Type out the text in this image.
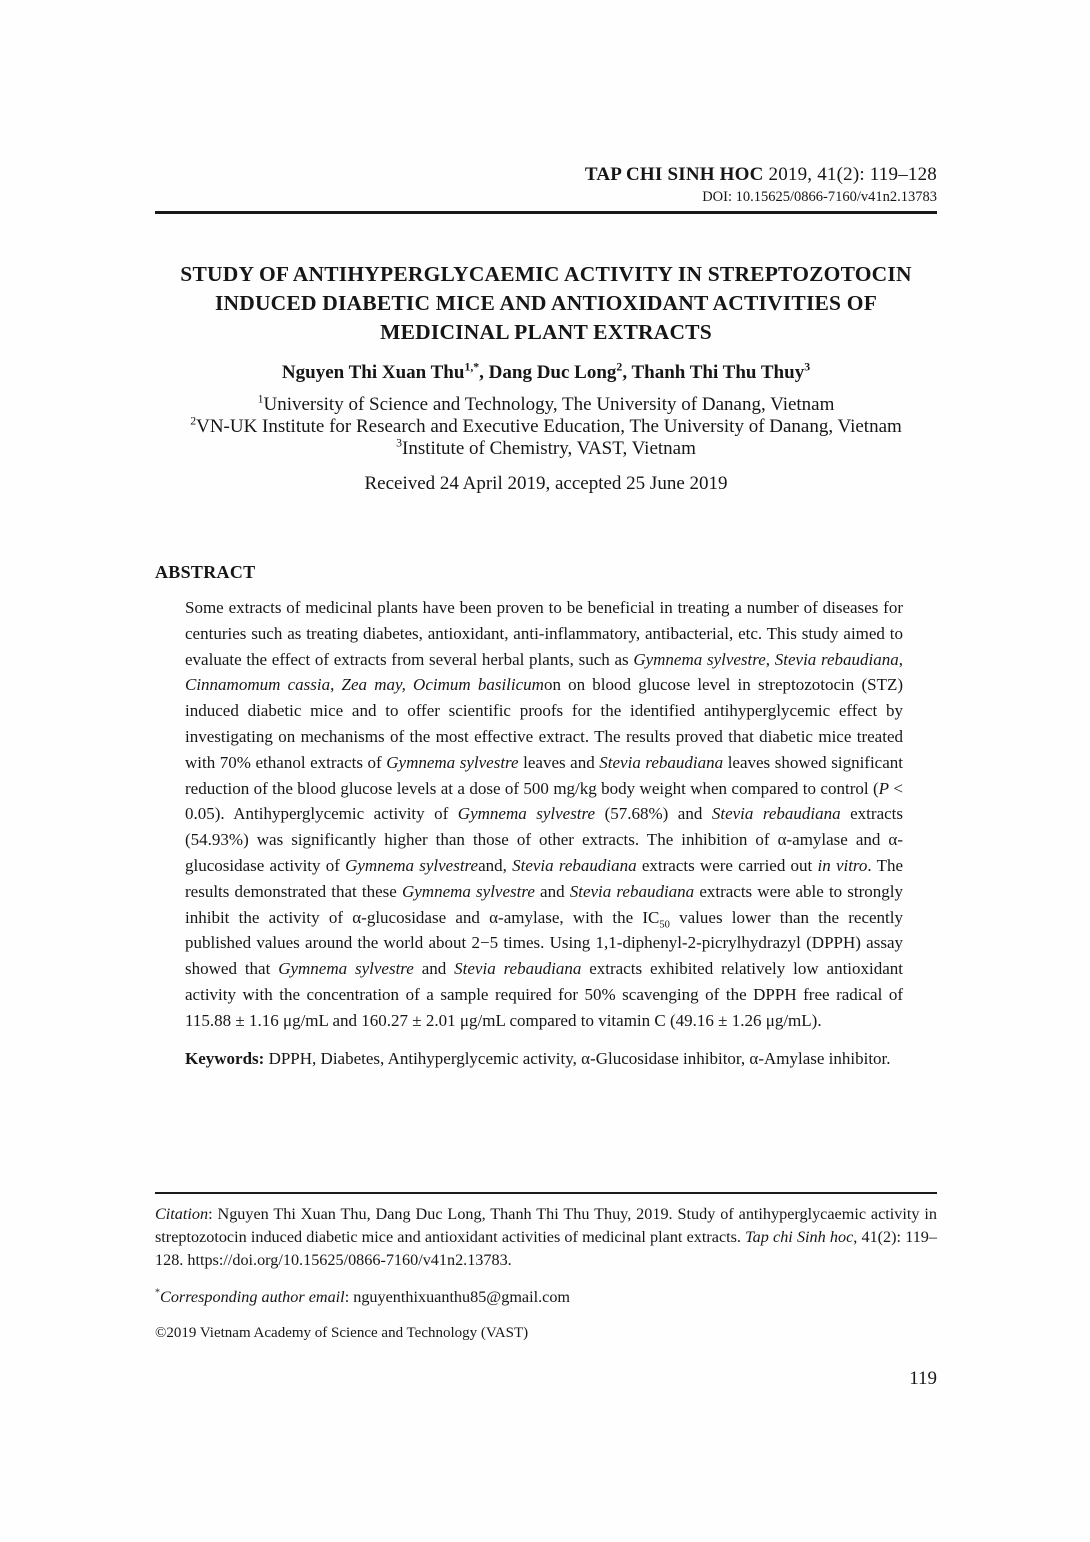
TAP CHI SINH HOC 2019, 41(2): 119–128
DOI: 10.15625/0866-7160/v41n2.13783
STUDY OF ANTIHYPERGLYCAEMIC ACTIVITY IN STREPTOZOTOCIN
INDUCED DIABETIC MICE AND ANTIOXIDANT ACTIVITIES OF
MEDICINAL PLANT EXTRACTS
Nguyen Thi Xuan Thu$^{1,*}$, Dang Duc Long$^2$, Thanh Thi Thu Thuy$^3$
$^1$University of Science and Technology, The University of Danang, Vietnam
$^2$VN-UK Institute for Research and Executive Education, The University of Danang, Vietnam
$^3$Institute of Chemistry, VAST, Vietnam
Received 24 April 2019, accepted 25 June 2019
ABSTRACT
Some extracts of medicinal plants have been proven to be beneficial in treating a number of diseases for centuries such as treating diabetes, antioxidant, anti-inflammatory, antibacterial, etc. This study aimed to evaluate the effect of extracts from several herbal plants, such as Gymnema sylvestre, Stevia rebaudiana, Cinnamomum cassia, Zea may, Ocimum basilicumon on blood glucose level in streptozotocin (STZ) induced diabetic mice and to offer scientific proofs for the identified antihyperglycemic effect by investigating on mechanisms of the most effective extract. The results proved that diabetic mice treated with 70% ethanol extracts of Gymnema sylvestre leaves and Stevia rebaudiana leaves showed significant reduction of the blood glucose levels at a dose of 500 mg/kg body weight when compared to control (P < 0.05). Antihyperglycemic activity of Gymnema sylvestre (57.68%) and Stevia rebaudiana extracts (54.93%) was significantly higher than those of other extracts. The inhibition of α-amylase and α-glucosidase activity of Gymnema sylvestreand, Stevia rebaudiana extracts were carried out in vitro. The results demonstrated that these Gymnema sylvestre and Stevia rebaudiana extracts were able to strongly inhibit the activity of α-glucosidase and α-amylase, with the $IC_{50}$ values lower than the recently published values around the world about 2−5 times. Using 1,1-diphenyl-2-picrylhydrazyl (DPPH) assay showed that Gymnema sylvestre and Stevia rebaudiana extracts exhibited relatively low antioxidant activity with the concentration of a sample required for 50% scavenging of the DPPH free radical of 115.88 ± 1.16 μg/mL and 160.27 ± 2.01 μg/mL compared to vitamin C (49.16 ± 1.26 μg/mL).
Keywords: DPPH, Diabetes, Antihyperglycemic activity, α-Glucosidase inhibitor, α-Amylase inhibitor.
Citation: Nguyen Thi Xuan Thu, Dang Duc Long, Thanh Thi Thu Thuy, 2019. Study of antihyperglycaemic activity in streptozotocin induced diabetic mice and antioxidant activities of medicinal plant extracts. Tap chi Sinh hoc, 41(2): 119–128. https://doi.org/10.15625/0866-7160/v41n2.13783.
*Corresponding author email: nguyenthixuanthu85@gmail.com
©2019 Vietnam Academy of Science and Technology (VAST)
119
